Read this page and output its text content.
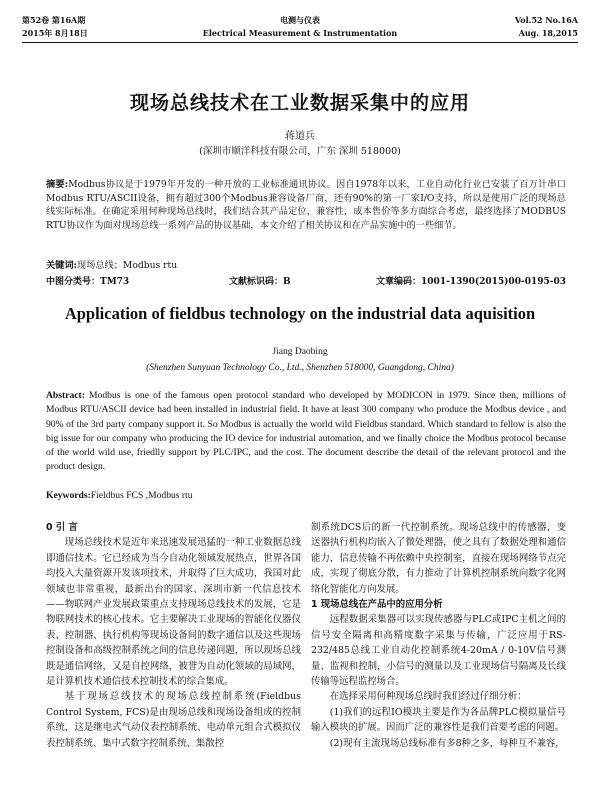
第52卷 第16A期
2015年 8月18日
电测与仪表
Electrical Measurement & Instrumentation
Vol.52 No.16A
Aug. 18,2015
现场总线技术在工业数据采集中的应用
蒋道兵
(深圳市顺洋科技有限公司，广东 深圳 518000)
摘要:Modbus协议是于1979年开发的一种开放的工业标准通讯协议。因自1978年以来，工业自动化行业已安装了百万计串口Modbus RTU/ASCII设备，拥有超过300个Modbus兼容设备厂商，还有90%的第一厂家I/O支持，所以是使用广泛的现场总线实际标准。在确定采用何种现场总线时，我们结合其产品定位，兼容性，成本售价等多方面综合考虑，最终选择了MODBUS RTU协议作为面对现场总线一系列产品的协议基础，本文介绍了相关协议和在产品实施中的一些细节。
关键词:现场总线；Modbus rtu
中图分类号：TM73	文献标识码：B	文章编码：1001-1390(2015)00-0195-03
Application of fieldbus technology on the industrial data aquisition
Jiang Daobing
(Shenzhen Sunyuan Technology Co., Ltd., Shenzhen 518000, Guangdong, China)
Abstract: Modbus is one of the famous open protocol standard who developed by MODICON in 1979. Since then, millions of Modbus RTU/ASCII device had been installed in industrial field. It have at least 300 company who produce the Modbus device , and 90% of the 3rd party company support it. So Modbus is actually the world wild Fieldbus standard. Which standard to fellow is also the big issue for our company who producing the IO device for industrial automation, and we finally choice the Modbus protocol because of the world wild use, friedlly support by PLC/IPC, and the cost. The document describe the detail of the relevant protocol and the product design.
Keywords:Fieldbus FCS ,Modbus rtu

0 引 言

现场总线技术是近年来迅速发展迅猛的一种工业数据总线即通信技术。它已经成为当今自动化领域发展热点，世界各国均投入大量资源开发该项技术，并取得了巨大成功，我国对此领域也非常重视，最新出台的国家、深圳市新一代信息技术——物联网产业发展政策重点支持现场总线技术的发展，它是物联网技术的核心技术。它主要解决工业现场的智能化仪器仪表、控制器、执行机构等现场设备间的数字通信以及这些现场控制设备和高级控制系统之间的信息传递问题，所以现场总线既是通信网络，又是自控网络，被誉为自动化领域的局域网，是计算机技术通信技术控制技术的综合集成。

基于现场总线技术的现场总线控制系统(Fieldbus Control System, FCS)是由现场总线和现场设备组成的控制系统，这是继电式气动仪表控制系统、电动单元组合式模拟仪表控制系统、集中式数字控制系统、集散控

制系统DCS后的新一代控制系统。现场总线中的传感器，变送器执行机构均嵌入了微处理器，使之具有了数据处理和通信能力，信息传输不再依赖中央控制室，直接在现场网络节点完成，实现了彻底分散，有力推动了计算机控制系统向数字化网络化智能化方向发展。

1 现场总线在产品中的应用分析

远程数据采集器可以实现传感器与PLC或IPC主机之间的信号安全隔离和高精度数字采集与传输，广泛应用于RS-232/485总线工业自动化控制系统4-20mA / 0-10V信号测量、监视和控制，小信号的测量以及工业现场信号隔离及长线传输等远程监控场合。

在选择采用何种现场总线时我们经过仔细分析：

(1)我们的远程IO模块主要是作为各品牌PLC模拟量信号输入模块的扩展。因而广泛的兼容性是我们首要考虑的问题。

(2)现有主流现场总线标准有多8种之多，每种互不兼容，
